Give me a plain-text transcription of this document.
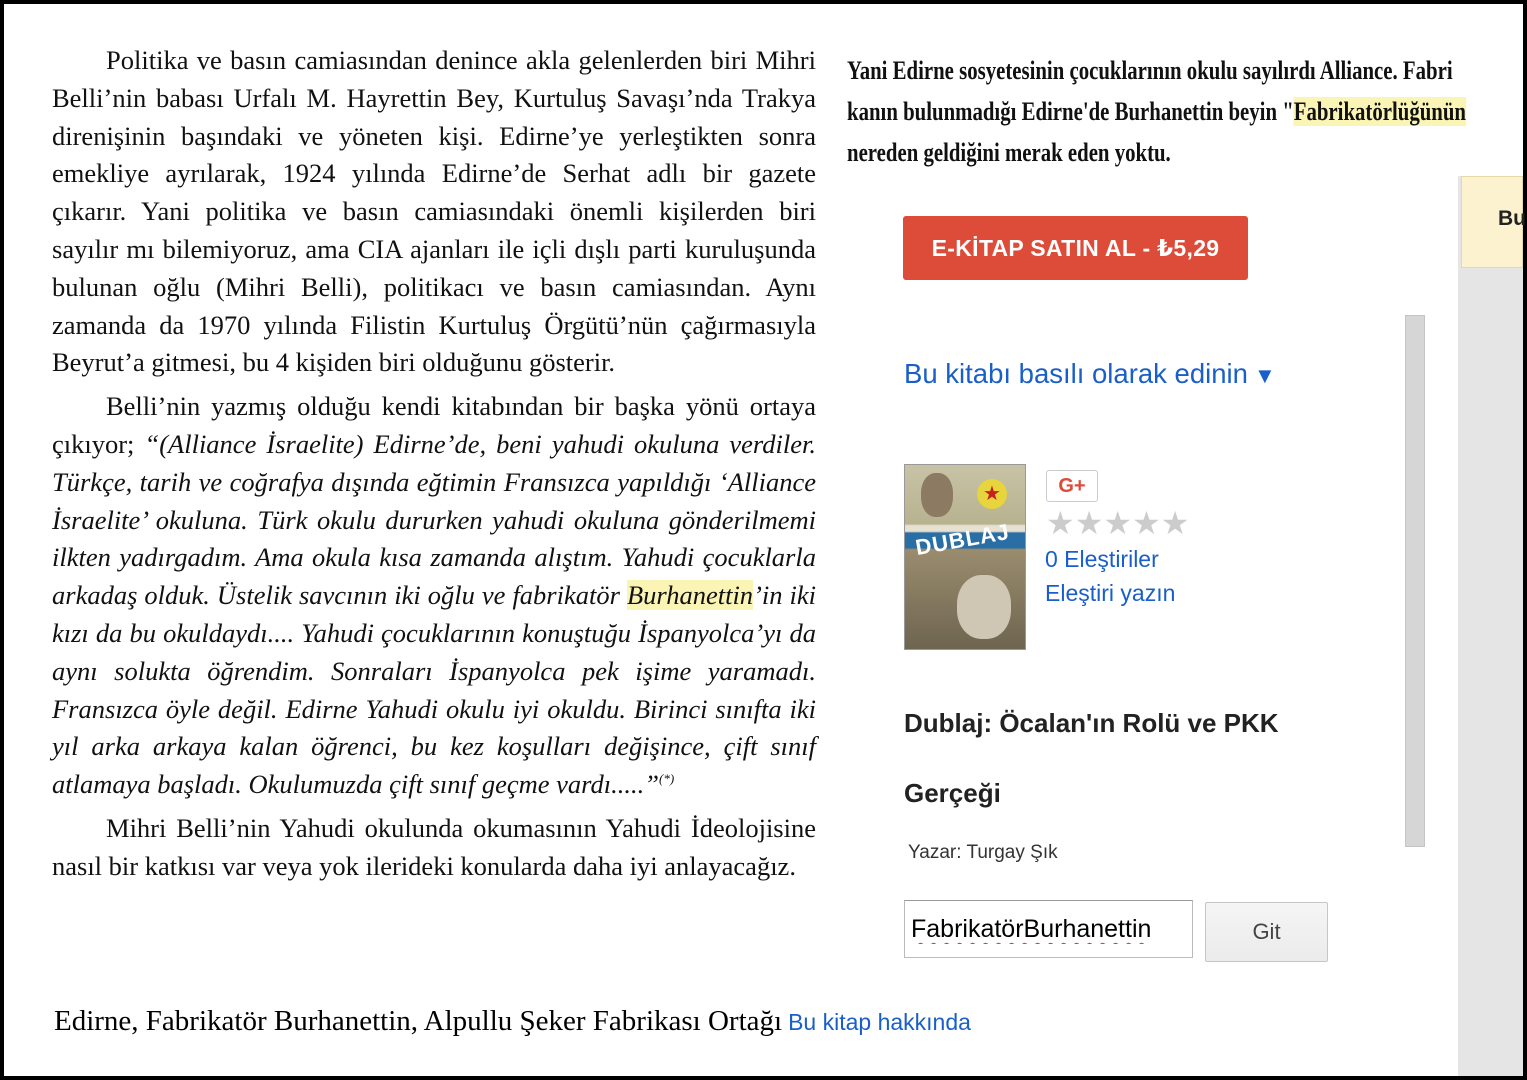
Politika ve basın camiasından denince akla gelenlerden biri Mihri Belli’nin babası Urfalı M. Hayrettin Bey, Kurtuluş Savaşı’nda Trakya direnişinin başındaki ve yöneten kişi. Edirne’ye yerleştikten sonra emekliye ayrılarak, 1924 yılında Edirne’de Serhat adlı bir gazete çıkarır. Yani politika ve basın camiasındaki önemli kişilerden biri sayılır mı bilemiyoruz, ama CIA ajanları ile içli dışlı parti kuruluşunda bulunan oğlu (Mihri Belli), politikacı ve basın camiasından. Aynı zamanda da 1970 yılında Filistin Kurtuluş Örgütü’nün çağırmasıyla Beyrut’a gitmesi, bu 4 kişiden biri olduğunu gösterir.

Belli’nin yazmış olduğu kendi kitabından bir başka yönü ortaya çıkıyor; “(Alliance İsraelite) Edirne’de, beni yahudi okuluna verdiler. Türkçe, tarih ve coğrafya dışında eğtimin Fransızca yapıldığı ‘Alliance İsraelite’ okuluna. Türk okulu dururken yahudi okuluna gönderilmemi ilkten yadırgadım. Ama okula kısa zamanda alıştım. Yahudi çocuklarla arkadaş olduk. Üstelik savcının iki oğlu ve fabrikatör Burhanettin’in iki kızı da bu okuldaydı.... Yahudi çocuklarının konuştuğu İspanyolca’yı da aynı solukta öğrendim. Sonraları İspanyolca pek işime yaramadı. Fransızca öyle değil. Edirne Yahudi okulu iyi okuldu. Birinci sınıfta iki yıl arka arkaya kalan öğrenci, bu kez koşulları değişince, çift sınıf atlamaya başladı. Okulumuzda çift sınıf geçme vardı.....”(*)

Mihri Belli’nin Yahudi okulunda okumasının Yahudi İdeolojisine nasıl bir katkısı var veya yok ilerideki konularda daha iyi anlayacağız.

Edirne, Fabrikatör Burhanettin, Alpullu Şeker Fabrikası Ortağı Bu kitap hakkında
Yani Edirne sosyetesinin çocuklarının okulu sayılırdı Alliance. Fabri
kanın bulunmadığı Edirne'de Burhanettin beyin "Fabrikatörlüğünün
nereden geldiğini merak eden yoktu.
Bu
E-KİTAP SATIN AL - ₺5,29
Bu kitabı basılı olarak edinin ▼
★
DUBLAJ
G+
★★★★★
0 Eleştiriler
Eleştiri yazın
Dublaj: Öcalan'ın Rolü ve PKK Gerçeği
Yazar: Turgay Şık
FabrikatörBurhanettin
Git
